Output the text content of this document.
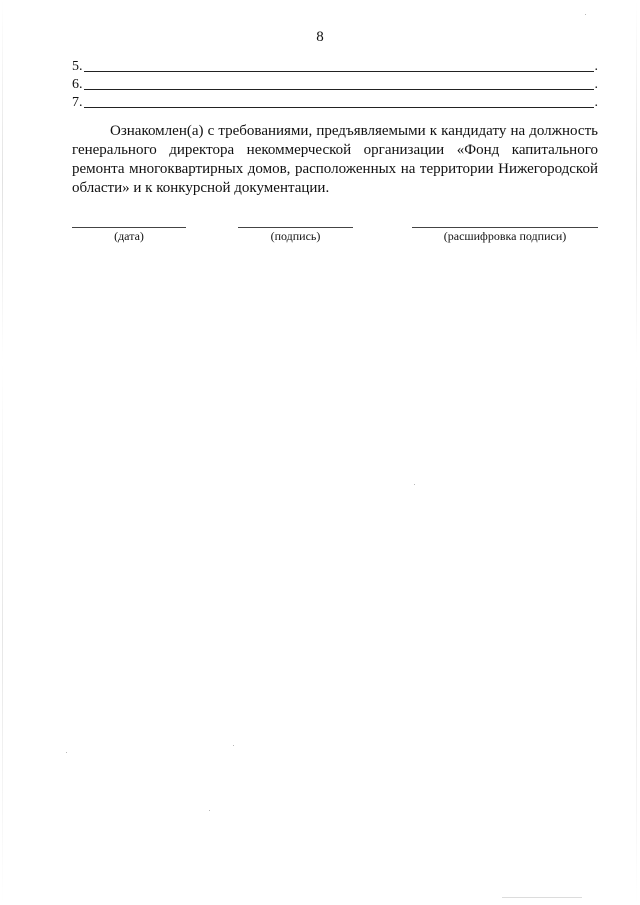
8
5.	.
6.	.
7.	.
Ознакомлен(а) с требованиями, предъявляемыми к кандидату на должность генерального директора некоммерческой организации «Фонд капитального ремонта многоквартирных домов, расположенных на территории Нижегородской области» и к конкурсной документации.
(дата)	(подпись)	(расшифровка подписи)
